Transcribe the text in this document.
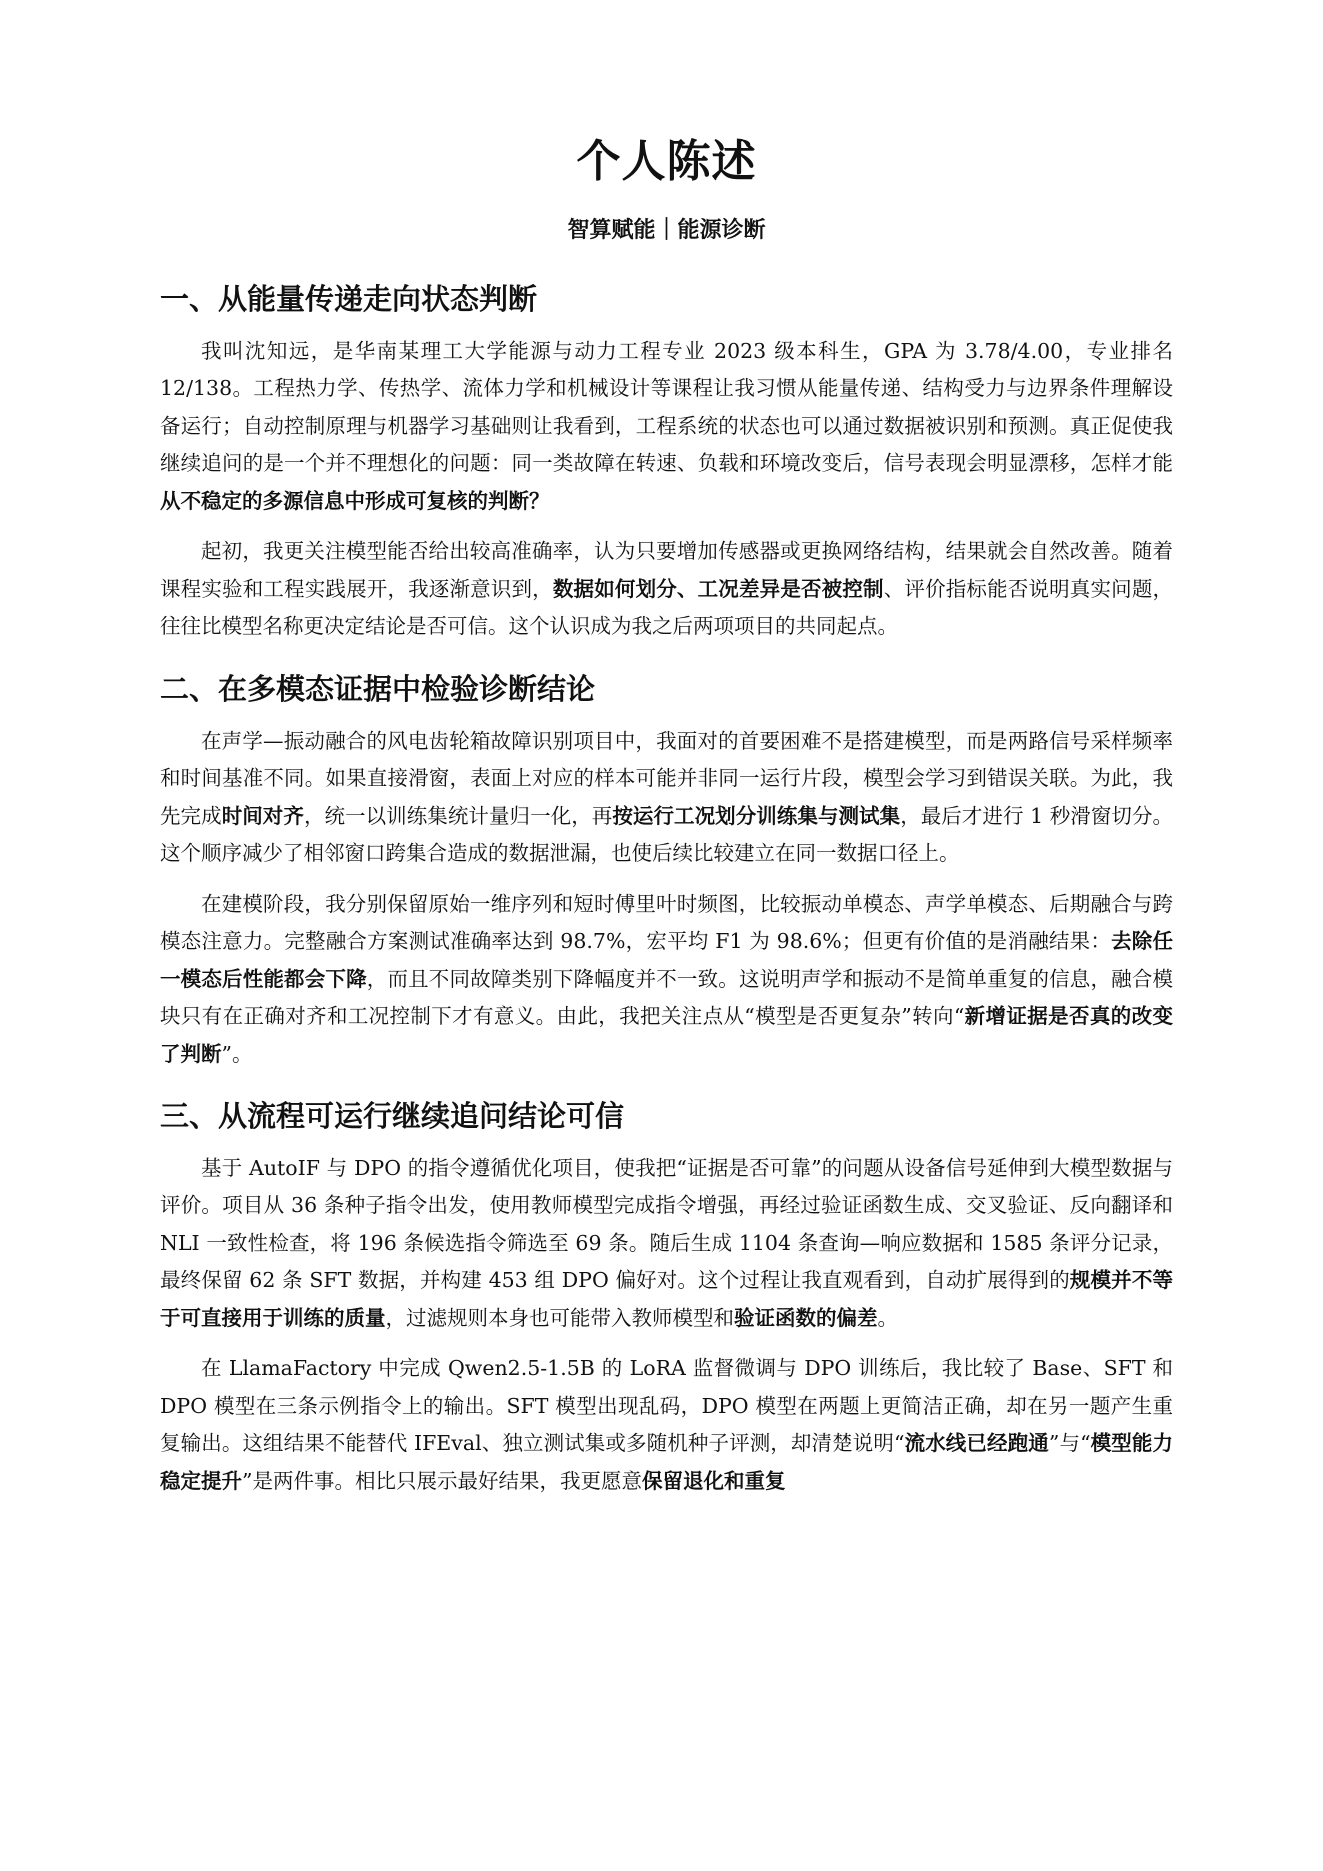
个人陈述
智算赋能｜能源诊断
一、从能量传递走向状态判断

我叫沈知远，是华南某理工大学能源与动力工程专业 2023 级本科生，GPA 为 3.78/4.00，专业排名 12/138。工程热力学、传热学、流体力学和机械设计等课程让我习惯从能量传递、结构受力与边界条件理解设备运行；自动控制原理与机器学习基础则让我看到，工程系统的状态也可以通过数据被识别和预测。真正促使我继续追问的是一个并不理想化的问题：同一类故障在转速、负载和环境改变后，信号表现会明显漂移，怎样才能从不稳定的多源信息中形成可复核的判断？

起初，我更关注模型能否给出较高准确率，认为只要增加传感器或更换网络结构，结果就会自然改善。随着课程实验和工程实践展开，我逐渐意识到，数据如何划分、工况差异是否被控制、评价指标能否说明真实问题，往往比模型名称更决定结论是否可信。这个认识成为我之后两项项目的共同起点。

二、在多模态证据中检验诊断结论

在声学—振动融合的风电齿轮箱故障识别项目中，我面对的首要困难不是搭建模型，而是两路信号采样频率和时间基准不同。如果直接滑窗，表面上对应的样本可能并非同一运行片段，模型会学习到错误关联。为此，我先完成时间对齐，统一以训练集统计量归一化，再按运行工况划分训练集与测试集，最后才进行 1 秒滑窗切分。这个顺序减少了相邻窗口跨集合造成的数据泄漏，也使后续比较建立在同一数据口径上。

在建模阶段，我分别保留原始一维序列和短时傅里叶时频图，比较振动单模态、声学单模态、后期融合与跨模态注意力。完整融合方案测试准确率达到 98.7%，宏平均 F1 为 98.6%；但更有价值的是消融结果：去除任一模态后性能都会下降，而且不同故障类别下降幅度并不一致。这说明声学和振动不是简单重复的信息，融合模块只有在正确对齐和工况控制下才有意义。由此，我把关注点从“模型是否更复杂”转向“新增证据是否真的改变了判断”。

三、从流程可运行继续追问结论可信

基于 AutoIF 与 DPO 的指令遵循优化项目，使我把“证据是否可靠”的问题从设备信号延伸到大模型数据与评价。项目从 36 条种子指令出发，使用教师模型完成指令增强，再经过验证函数生成、交叉验证、反向翻译和 NLI 一致性检查，将 196 条候选指令筛选至 69 条。随后生成 1104 条查询—响应数据和 1585 条评分记录，最终保留 62 条 SFT 数据，并构建 453 组 DPO 偏好对。这个过程让我直观看到，自动扩展得到的规模并不等于可直接用于训练的质量，过滤规则本身也可能带入教师模型和验证函数的偏差。

在 LlamaFactory 中完成 Qwen2.5-1.5B 的 LoRA 监督微调与 DPO 训练后，我比较了 Base、SFT 和 DPO 模型在三条示例指令上的输出。SFT 模型出现乱码，DPO 模型在两题上更简洁正确，却在另一题产生重复输出。这组结果不能替代 IFEval、独立测试集或多随机种子评测，却清楚说明“流水线已经跑通”与“模型能力稳定提升”是两件事。相比只展示最好结果，我更愿意保留退化和重复
